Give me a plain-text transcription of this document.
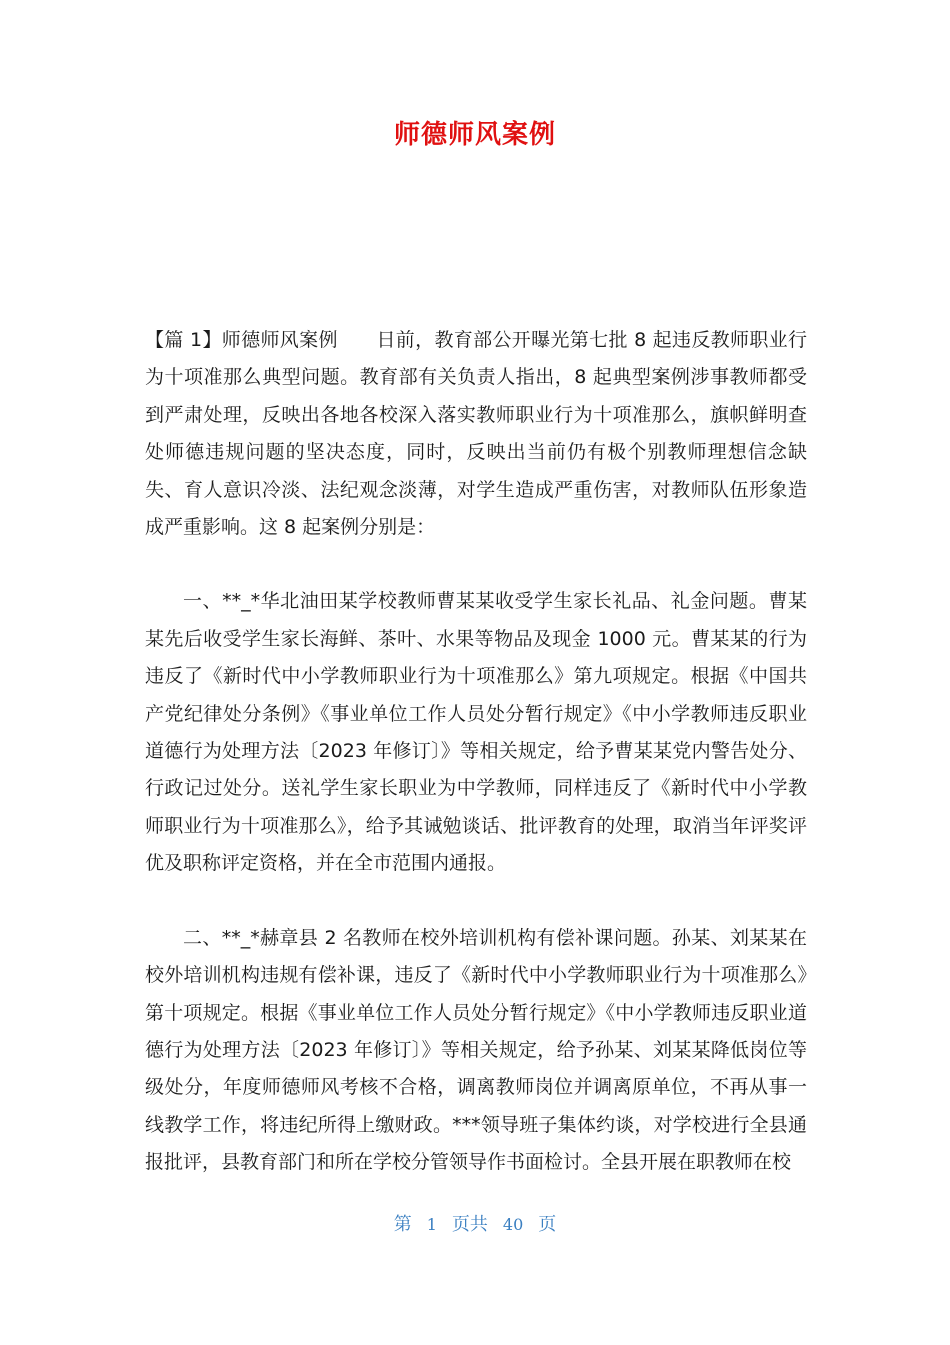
师德师风案例

【篇 1】师德师风案例　　日前，教育部公开曝光第七批 8 起违反教师职业行为十项准那么典型问题。教育部有关负责人指出，8 起典型案例涉事教师都受到严肃处理，反映出各地各校深入落实教师职业行为十项准那么，旗帜鲜明查处师德违规问题的坚决态度，同时，反映出当前仍有极个别教师理想信念缺失、育人意识冷淡、法纪观念淡薄，对学生造成严重伤害，对教师队伍形象造成严重影响。这 8 起案例分别是：

一、**_*华北油田某学校教师曹某某收受学生家长礼品、礼金问题。曹某某先后收受学生家长海鲜、茶叶、水果等物品及现金 1000 元。曹某某的行为违反了《新时代中小学教师职业行为十项准那么》第九项规定。根据《中国共产党纪律处分条例》《事业单位工作人员处分暂行规定》《中小学教师违反职业道德行为处理方法〔2023 年修订〕》等相关规定，给予曹某某党内警告处分、行政记过处分。送礼学生家长职业为中学教师，同样违反了《新时代中小学教师职业行为十项准那么》，给予其诫勉谈话、批评教育的处理，取消当年评奖评优及职称评定资格，并在全市范围内通报。

二、**_*赫章县 2 名教师在校外培训机构有偿补课问题。孙某、刘某某在校外培训机构违规有偿补课，违反了《新时代中小学教师职业行为十项准那么》第十项规定。根据《事业单位工作人员处分暂行规定》《中小学教师违反职业道德行为处理方法〔2023 年修订〕》等相关规定，给予孙某、刘某某降低岗位等级处分，年度师德师风考核不合格，调离教师岗位并调离原单位，不再从事一线教学工作，将违纪所得上缴财政。***领导班子集体约谈，对学校进行全县通报批评，县教育部门和所在学校分管领导作书面检讨。全县开展在职教师在校

第 1 页共 40 页
